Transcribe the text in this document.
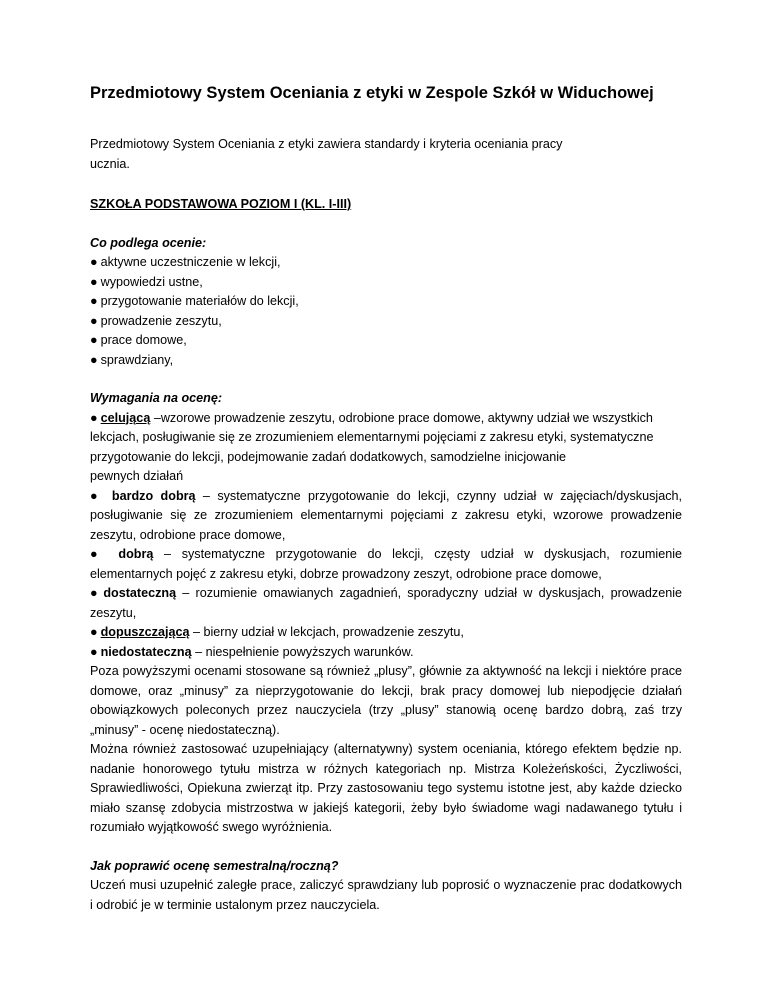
Przedmiotowy System Oceniania z etyki w Zespole Szkół w Widuchowej

Przedmiotowy System Oceniania z etyki zawiera standardy i kryteria oceniania pracy ucznia.

SZKOŁA PODSTAWOWA POZIOM I (KL. I-III)

Co podlega ocenie:

● aktywne uczestniczenie w lekcji,

● wypowiedzi ustne,

● przygotowanie materiałów do lekcji,

● prowadzenie zeszytu,

● prace domowe,

● sprawdziany,

Wymagania na ocenę:

● celującą –wzorowe prowadzenie zeszytu, odrobione prace domowe, aktywny udział we wszystkich
lekcjach, posługiwanie się ze zrozumieniem elementarnymi pojęciami z zakresu etyki, systematyczne
przygotowanie do lekcji, podejmowanie zadań dodatkowych, samodzielne inicjowanie
pewnych działań

● bardzo dobrą – systematyczne przygotowanie do lekcji, czynny udział w zajęciach/dyskusjach, posługiwanie się ze zrozumieniem elementarnymi pojęciami z zakresu etyki, wzorowe prowadzenie zeszytu, odrobione prace domowe,

● dobrą – systematyczne przygotowanie do lekcji, częsty udział w dyskusjach, rozumienie elementarnych pojęć z zakresu etyki, dobrze prowadzony zeszyt, odrobione prace domowe,

● dostateczną – rozumienie omawianych zagadnień, sporadyczny udział w dyskusjach, prowadzenie zeszytu,

● dopuszczającą – bierny udział w lekcjach, prowadzenie zeszytu,

● niedostateczną – niespełnienie powyższych warunków.

Poza powyższymi ocenami stosowane są również „plusy”, głównie za aktywność na lekcji i niektóre prace domowe, oraz „minusy” za nieprzygotowanie do lekcji, brak pracy domowej lub niepodjęcie działań obowiązkowych poleconych przez nauczyciela (trzy „plusy” stanowią ocenę bardzo dobrą, zaś trzy „minusy” - ocenę niedostateczną).

Można również zastosować uzupełniający (alternatywny) system oceniania, którego efektem będzie np. nadanie honorowego tytułu mistrza w różnych kategoriach np. Mistrza Koleżeńskości, Życzliwości, Sprawiedliwości, Opiekuna zwierząt itp. Przy zastosowaniu tego systemu istotne jest, aby każde dziecko miało szansę zdobycia mistrzostwa w jakiejś kategorii, żeby było świadome wagi nadawanego tytułu i rozumiało wyjątkowość swego wyróżnienia.

Jak poprawić ocenę semestralną/roczną?

Uczeń musi uzupełnić zaległe prace, zaliczyć sprawdziany lub poprosić o wyznaczenie prac dodatkowych i odrobić je w terminie ustalonym przez nauczyciela.
